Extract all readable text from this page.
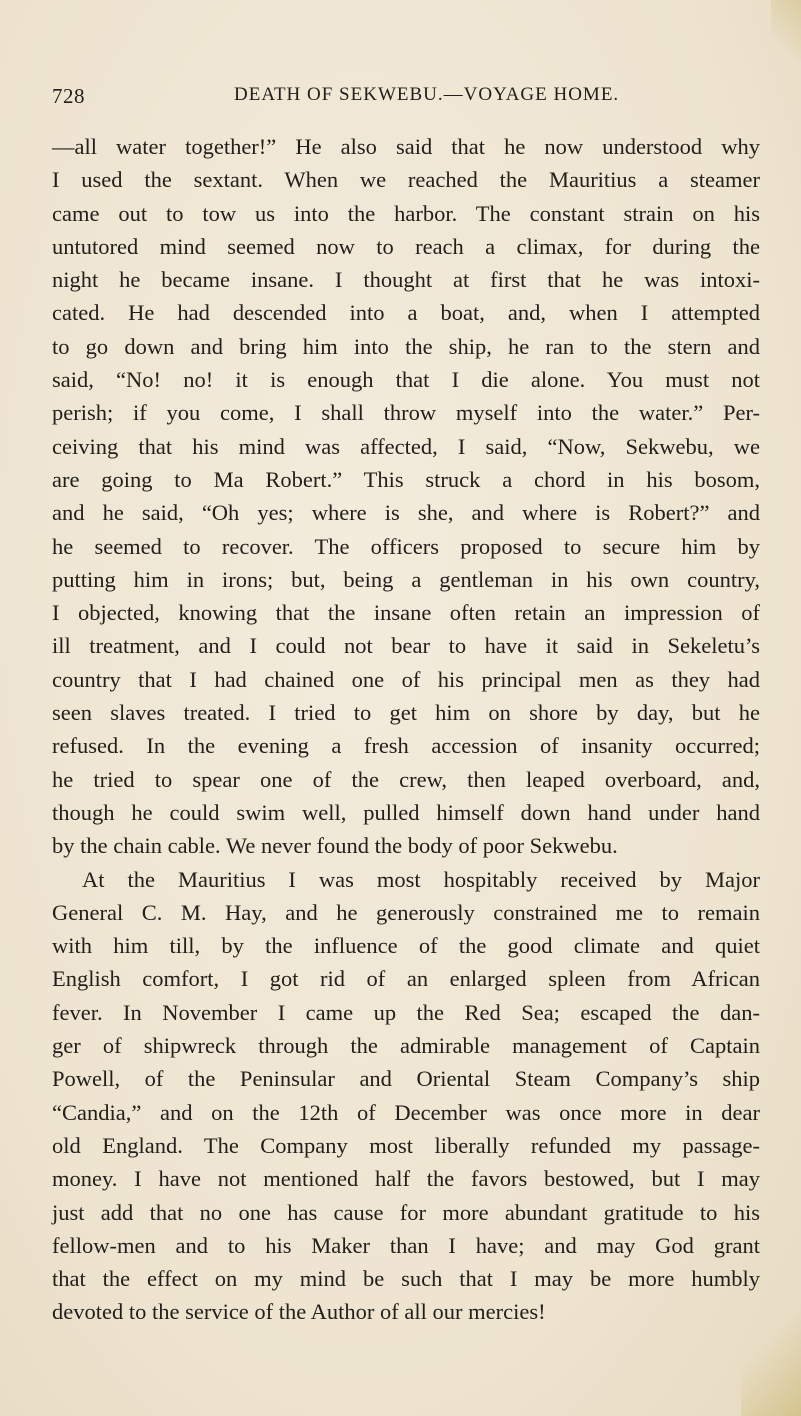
728	DEATH OF SEKWEBU.—VOYAGE HOME.
—all water together!” He also said that he now understood why
I used the sextant. When we reached the Mauritius a steamer
came out to tow us into the harbor. The constant strain on his
untutored mind seemed now to reach a climax, for during the
night he became insane. I thought at first that he was intoxi-
cated. He had descended into a boat, and, when I attempted
to go down and bring him into the ship, he ran to the stern and
said, “No! no! it is enough that I die alone. You must not
perish; if you come, I shall throw myself into the water.” Per-
ceiving that his mind was affected, I said, “Now, Sekwebu, we
are going to Ma Robert.” This struck a chord in his bosom,
and he said, “Oh yes; where is she, and where is Robert?” and
he seemed to recover. The officers proposed to secure him by
putting him in irons; but, being a gentleman in his own country,
I objected, knowing that the insane often retain an impression of
ill treatment, and I could not bear to have it said in Sekeletu’s
country that I had chained one of his principal men as they had
seen slaves treated. I tried to get him on shore by day, but he
refused. In the evening a fresh accession of insanity occurred;
he tried to spear one of the crew, then leaped overboard, and,
though he could swim well, pulled himself down hand under hand
by the chain cable. We never found the body of poor Sekwebu.
At the Mauritius I was most hospitably received by Major
General C. M. Hay, and he generously constrained me to remain
with him till, by the influence of the good climate and quiet
English comfort, I got rid of an enlarged spleen from African
fever. In November I came up the Red Sea; escaped the dan-
ger of shipwreck through the admirable management of Captain
Powell, of the Peninsular and Oriental Steam Company’s ship
“Candia,” and on the 12th of December was once more in dear
old England. The Company most liberally refunded my passage-
money. I have not mentioned half the favors bestowed, but I may
just add that no one has cause for more abundant gratitude to his
fellow-men and to his Maker than I have; and may God grant
that the effect on my mind be such that I may be more humbly
devoted to the service of the Author of all our mercies!
